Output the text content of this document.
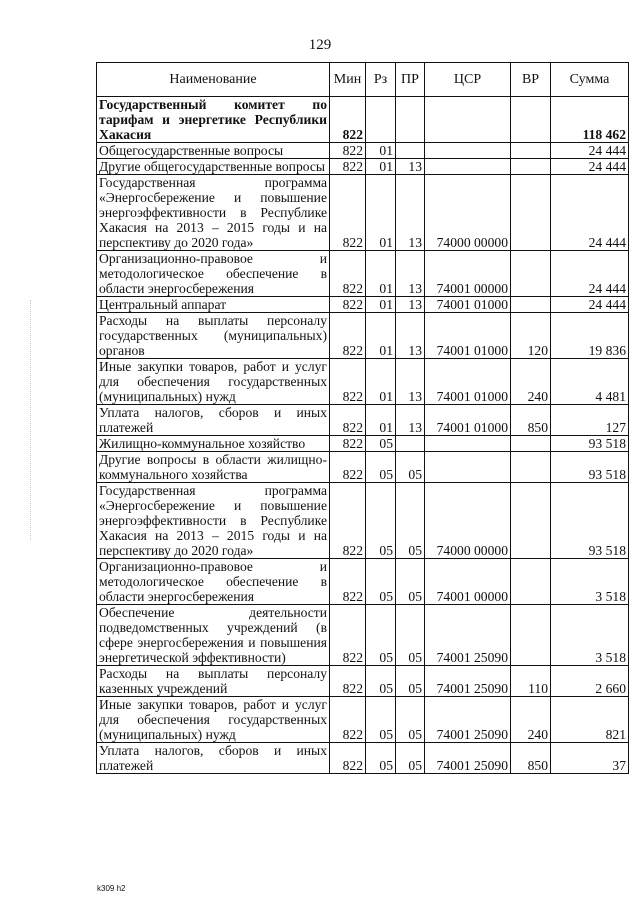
129
Наименование	Мин	Рз	ПР	ЦСР	ВР	Сумма
Государственный комитет по тарифам и энергетике Республики Хакасия	822					118 462
Общегосударственные вопросы	822	01				24 444
Другие общегосударственные вопросы	822	01	13			24 444
Государственная программа «Энергосбережение и повышение энергоэффективности в Республике Хакасия на 2013 – 2015 годы и на перспективу до 2020 года»	822	01	13	74000 00000		24 444
Организационно-правовое и методологическое обеспечение в области энергосбережения	822	01	13	74001 00000		24 444
Центральный аппарат	822	01	13	74001 01000		24 444
Расходы на выплаты персоналу государственных (муниципальных) органов	822	01	13	74001 01000	120	19 836
Иные закупки товаров, работ и услуг для обеспечения государственных (муниципальных) нужд	822	01	13	74001 01000	240	4 481
Уплата налогов, сборов и иных платежей	822	01	13	74001 01000	850	127
Жилищно-коммунальное хозяйство	822	05				93 518
Другие вопросы в области жилищно-коммунального хозяйства	822	05	05			93 518
Государственная программа «Энергосбережение и повышение энергоэффективности в Республике Хакасия на 2013 – 2015 годы и на перспективу до 2020 года»	822	05	05	74000 00000		93 518
Организационно-правовое и методологическое обеспечение в области энергосбережения	822	05	05	74001 00000		3 518
Обеспечение деятельности подведомственных учреждений (в сфере энергосбережения и повышения энергетической эффективности)	822	05	05	74001 25090		3 518
Расходы на выплаты персоналу казенных учреждений	822	05	05	74001 25090	110	2 660
Иные закупки товаров, работ и услуг для обеспечения государственных (муниципальных) нужд	822	05	05	74001 25090	240	821
Уплата налогов, сборов и иных платежей	822	05	05	74001 25090	850	37
k309 h2
